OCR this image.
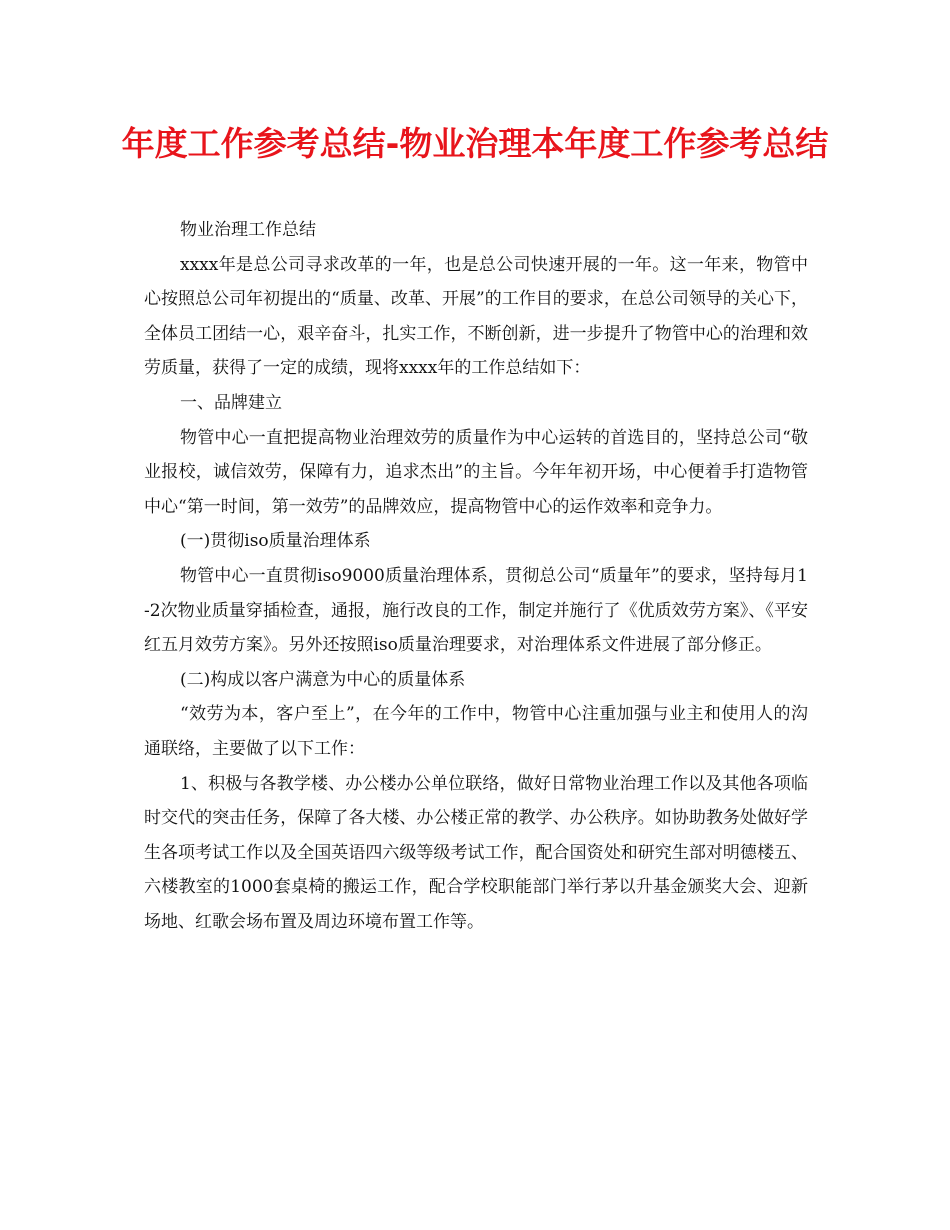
年度工作参考总结-物业治理本年度工作参考总结

物业治理工作总结

xxxx年是总公司寻求改革的一年，也是总公司快速开展的一年。这一年来，物管中心按照总公司年初提出的“质量、改革、开展”的工作目的要求，在总公司领导的关心下，全体员工团结一心，艰辛奋斗，扎实工作，不断创新，进一步提升了物管中心的治理和效劳质量，获得了一定的成绩，现将xxxx年的工作总结如下：

一、品牌建立

物管中心一直把提高物业治理效劳的质量作为中心运转的首选目的，坚持总公司“敬业报校，诚信效劳，保障有力，追求杰出”的主旨。今年年初开场，中心便着手打造物管中心“第一时间，第一效劳”的品牌效应，提高物管中心的运作效率和竞争力。

(一)贯彻iso质量治理体系

物管中心一直贯彻iso9000质量治理体系，贯彻总公司“质量年”的要求，坚持每月1-2次物业质量穿插检查，通报，施行改良的工作，制定并施行了《优质效劳方案》、《平安红五月效劳方案》。另外还按照iso质量治理要求，对治理体系文件进展了部分修正。

(二)构成以客户满意为中心的质量体系

“效劳为本，客户至上”，在今年的工作中，物管中心注重加强与业主和使用人的沟通联络，主要做了以下工作：

1、积极与各教学楼、办公楼办公单位联络，做好日常物业治理工作以及其他各项临时交代的突击任务，保障了各大楼、办公楼正常的教学、办公秩序。如协助教务处做好学生各项考试工作以及全国英语四六级等级考试工作，配合国资处和研究生部对明德楼五、六楼教室的1000套桌椅的搬运工作，配合学校职能部门举行茅以升基金颁奖大会、迎新场地、红歌会场布置及周边环境布置工作等。
